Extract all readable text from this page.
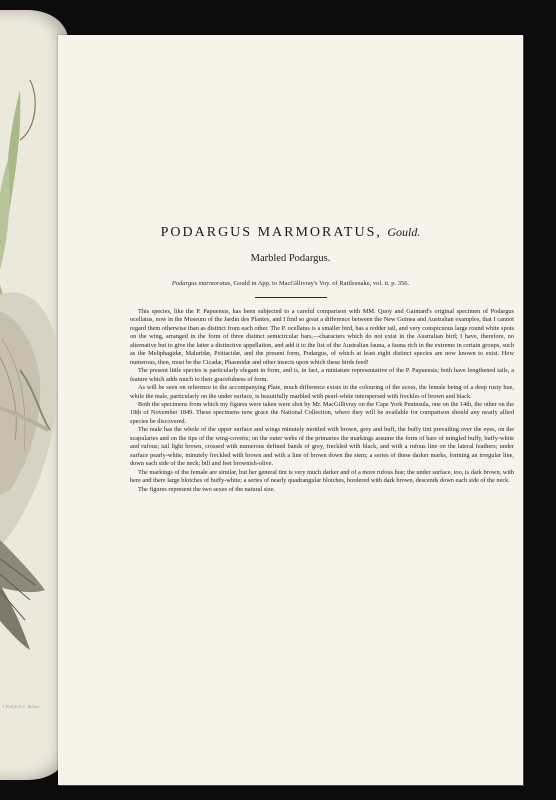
J. Wolf & H. C. Richter
PODARGUS MARMORATUS, Gould.
Marbled Podargus.
Podargus marmoratus, Gould in App. to MacGillivray's Voy. of Rattlesnake, vol. ii. p. 356.

This species, like the P. Papuensis, has been subjected to a careful comparison with MM. Quoy and Gaimard's original specimen of Podargus ocellatus, now in the Museum of the Jardin des Plantes, and I find so great a difference between the New Guinea and Australian examples, that I cannot regard them otherwise than as distinct from each other. The P. ocellatus is a smaller bird, has a redder tail, and very conspicuous large round white spots on the wing, arranged in the form of three distinct semicircular bars,—characters which do not exist in the Australian bird; I have, therefore, no alternative but to give the latter a distinctive appellation, and add it to the list of the Australian fauna, a fauna rich in the extreme in certain groups, such as the Meliphagidæ, Maluridæ, Psittacidæ, and the present form, Podargus, of which at least eight distinct species are now known to exist. How numerous, then, must be the Cicadæ, Phasmidæ and other insects upon which these birds feed!

The present little species is particularly elegant in form, and is, in fact, a miniature representative of the P. Papuensis; both have lengthened tails, a feature which adds much to their gracefulness of form.

As will be seen on reference to the accompanying Plate, much difference exists in the colouring of the sexes, the female being of a deep rusty hue, while the male, particularly on the under surface, is beautifully marbled with pearl-white interspersed with freckles of brown and black.

Both the specimens from which my figures were taken were shot by Mr. MacGillivray on the Cape York Peninsula, one on the 14th, the other on the 19th of November 1849. These specimens now grace the National Collection, where they will be available for comparison should any nearly allied species be discovered.

The male has the whole of the upper surface and wings minutely mottled with brown, grey and buff, the buffy tint prevailing over the eyes, on the scapularies and on the tips of the wing-coverts; on the outer webs of the primaries the markings assume the form of bars of mingled buffy, buffy-white and rufous; tail light brown, crossed with numerous defined bands of grey, freckled with black, and with a rufous line on the lateral feathers; under surface pearly-white, minutely freckled with brown and with a line of brown down the stem; a series of these darker marks, forming an irregular line, down each side of the neck; bill and feet brownish-olive.

The markings of the female are similar, but her general tint is very much darker and of a more rufous hue; the under surface, too, is dark brown, with here and there large blotches of buffy-white; a series of nearly quadrangular blotches, bordered with dark brown, descends down each side of the neck.

The figures represent the two sexes of the natural size.
